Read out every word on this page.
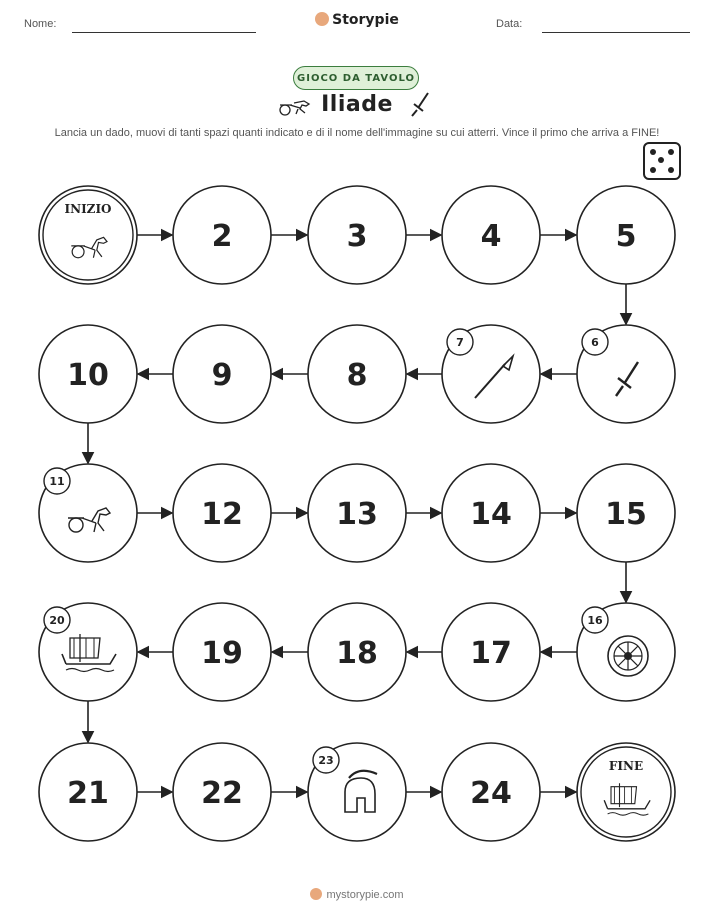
Nome:	Storypie	Data:
GIOCO DA TAVOLO
Iliade
Lancia un dado, muovi di tanti spazi quanti indicato e di il nome dell'immagine su cui atterri. Vince il primo che arriva a FINE!
INIZIO
2	3	4	5
6
7
8
9
10
11
12	13	14	15
16
17
18
19
20
21	22
23
24
FINE
mystorypie.com
